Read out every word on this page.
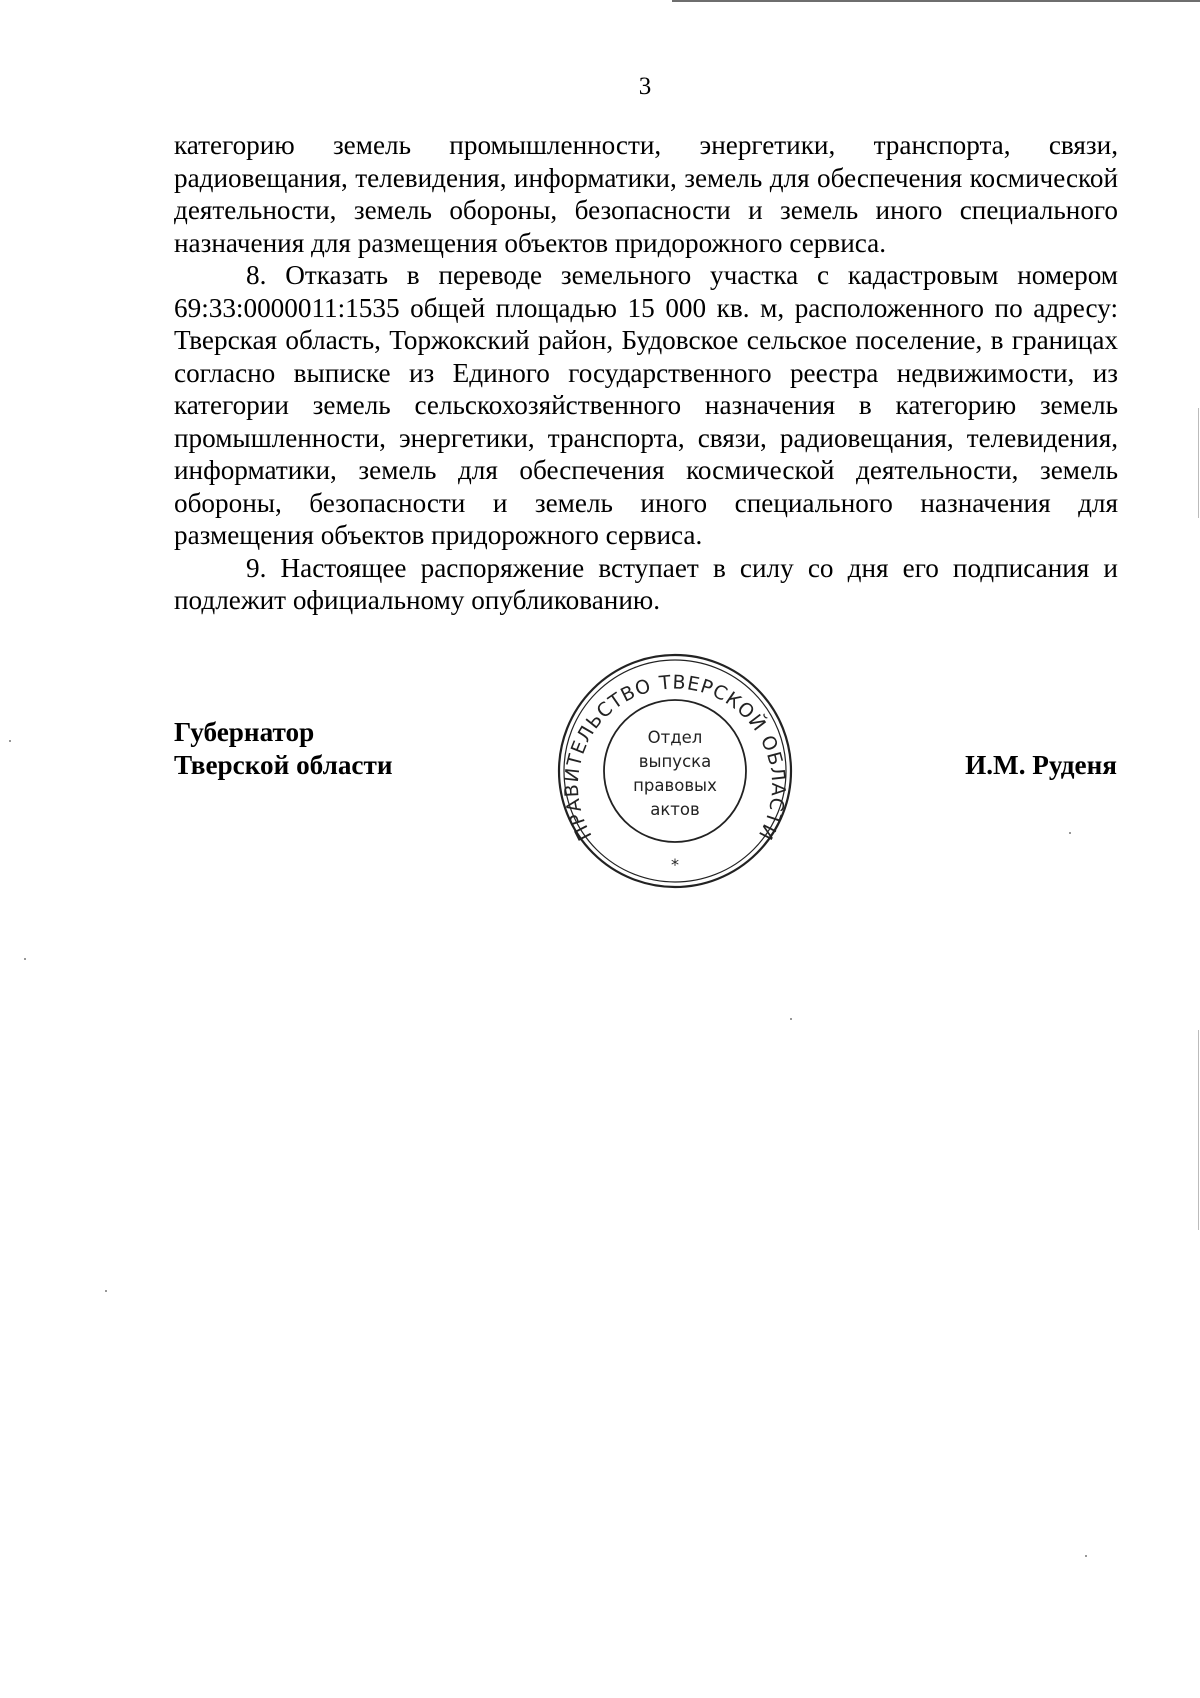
3

категорию земель промышленности, энергетики, транспорта, связи, радиовещания, телевидения, информатики, земель для обеспечения космической деятельности, земель обороны, безопасности и земель иного специального назначения для размещения объектов придорожного сервиса.

8. Отказать в переводе земельного участка с кадастровым номером 69:33:0000011:1535 общей площадью 15 000 кв. м, расположенного по адресу: Тверская область, Торжокский район, Будовское сельское поселение, в границах согласно выписке из Единого государственного реестра недвижимости, из категории земель сельскохозяйственного назначения в категорию земель промышленности, энергетики, транспорта, связи, радиовещания, телевидения, информатики, земель для обеспечения космической деятельности, земель обороны, безопасности и земель иного специального назначения для размещения объектов придорожного сервиса.

9. Настоящее распоряжение вступает в силу со дня его подписания и подлежит официальному опубликованию.

Губернатор
Тверской области	И.М. Руденя
ПРАВИТЕЛЬСТВО ТВЕРСКОЙ ОБЛАСТИ
Отдел
выпуска
правовых
актов
*
